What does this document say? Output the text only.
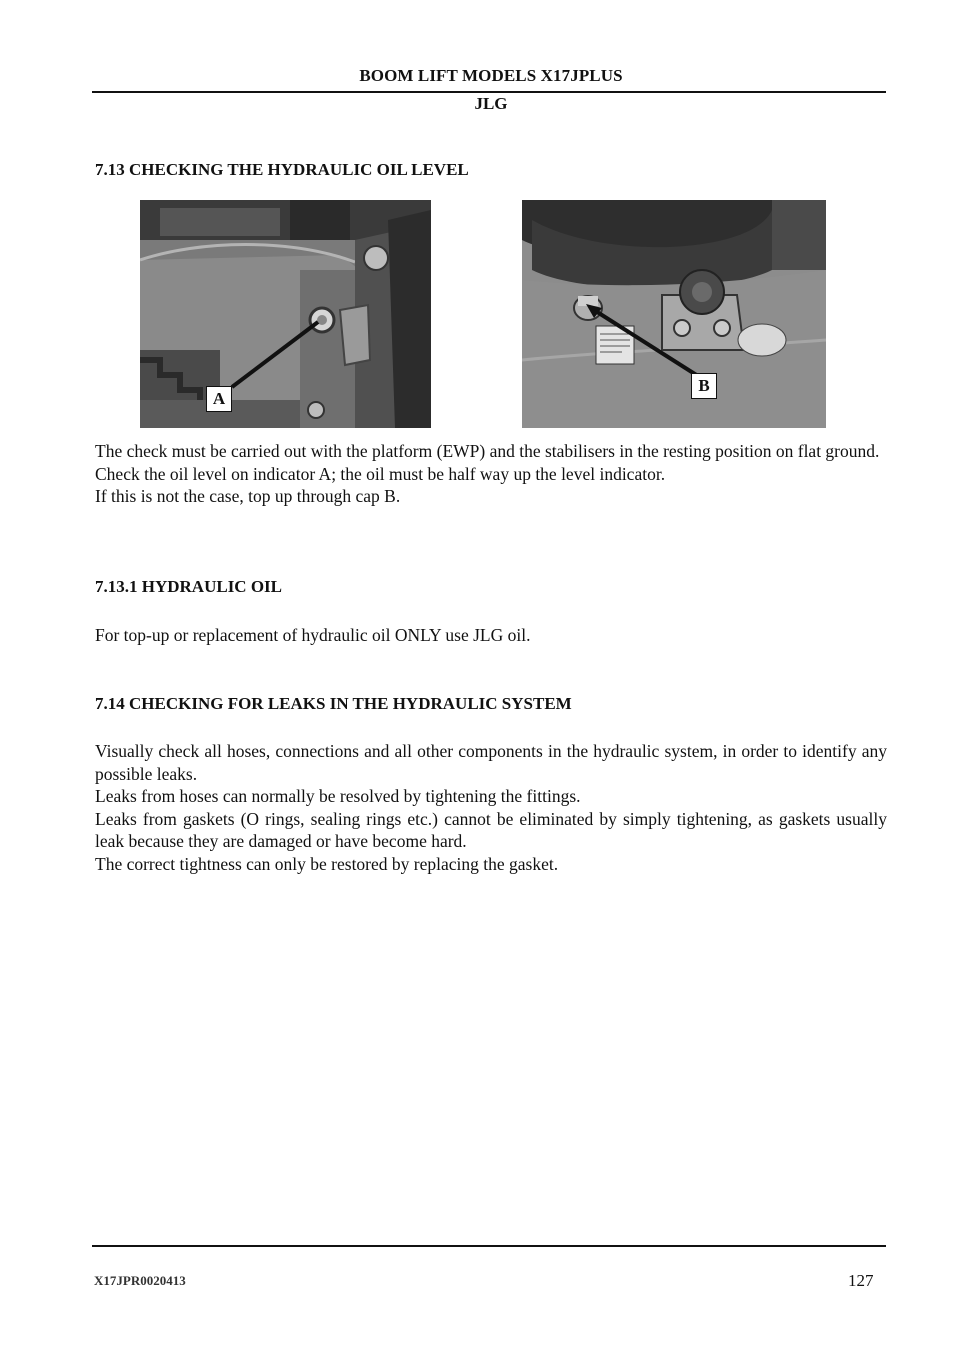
BOOM LIFT MODELS X17JPLUS
JLG
7.13 CHECKING THE HYDRAULIC OIL LEVEL
A
B

The check must be carried out with the platform (EWP) and the stabilisers in the resting position on flat ground.
Check the oil level on indicator A; the oil must be half way up the level indicator.
If this is not the case, top up through cap B.

7.13.1 HYDRAULIC OIL

For top-up or replacement of hydraulic oil ONLY use JLG oil.

7.14 CHECKING FOR LEAKS IN THE HYDRAULIC SYSTEM

Visually check all hoses, connections and all other components in the hydraulic system, in order to identify any possible leaks.
Leaks from hoses can normally be resolved by tightening the fittings.
Leaks from gaskets (O rings, sealing rings etc.) cannot be eliminated by simply tightening, as gaskets usually leak because they are damaged or have become hard.
The correct tightness can only be restored by replacing the gasket.

X17JPR0020413	127
